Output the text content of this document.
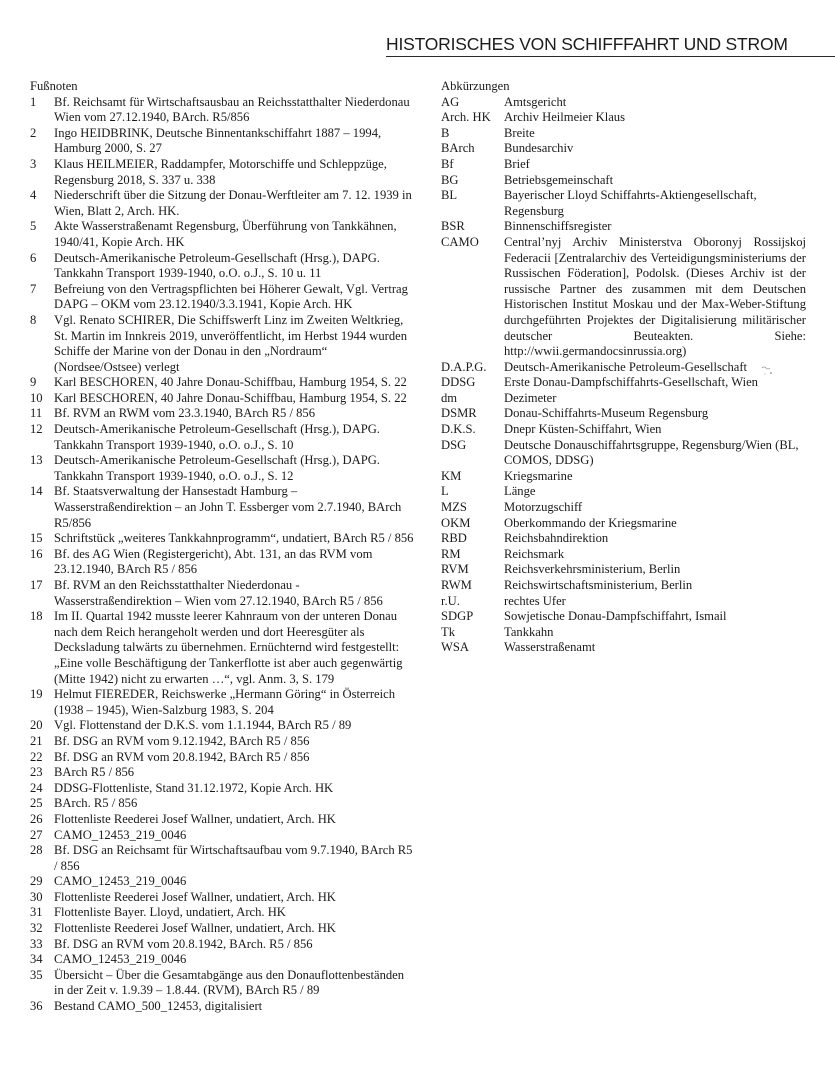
HISTORISCHES VON SCHIFFFAHRT UND STROM
Fußnoten
1	Bf. Reichsamt für Wirtschaftsausbau an Reichsstatthalter Niederdonau Wien vom 27.12.1940, BArch. R5/856
2	Ingo HEIDBRINK, Deutsche Binnentankschiffahrt 1887 – 1994, Hamburg 2000, S. 27
3	Klaus HEILMEIER, Raddampfer, Motorschiffe und Schleppzüge, Regensburg 2018, S. 337 u. 338
4	Niederschrift über die Sitzung der Donau-Werftleiter am 7. 12. 1939 in Wien, Blatt 2, Arch. HK.
5	Akte Wasserstraßenamt Regensburg, Überführung von Tankkähnen, 1940/41, Kopie Arch. HK
6	Deutsch-Amerikanische Petroleum-Gesellschaft (Hrsg.), DAPG. Tankkahn Transport 1939-1940, o.O. o.J., S. 10 u. 11
7	Befreiung von den Vertragspflichten bei Höherer Gewalt, Vgl. Vertrag DAPG – OKM vom 23.12.1940/3.3.1941, Kopie Arch. HK
8	Vgl. Renato SCHIRER, Die Schiffswerft Linz im Zweiten Weltkrieg, St. Martin im Innkreis 2019, unveröffentlicht, im Herbst 1944 wurden Schiffe der Marine von der Donau in den „Nordraum“ (Nordsee/Ostsee) verlegt
9	Karl BESCHOREN, 40 Jahre Donau-Schiffbau, Hamburg 1954, S. 22
10 Karl BESCHOREN, 40 Jahre Donau-Schiffbau, Hamburg 1954, S. 22
11 Bf. RVM an RWM vom 23.3.1940, BArch R5 / 856
12 Deutsch-Amerikanische Petroleum-Gesellschaft (Hrsg.), DAPG. Tankkahn Transport 1939-1940, o.O. o.J., S. 10
13 Deutsch-Amerikanische Petroleum-Gesellschaft (Hrsg.), DAPG. Tankkahn Transport 1939-1940, o.O. o.J., S. 12
14 Bf. Staatsverwaltung der Hansestadt Hamburg – Wasserstraßendirektion – an John T. Essberger vom 2.7.1940, BArch R5/856
15 Schriftstück „weiteres Tankkahnprogramm“, undatiert, BArch R5 / 856
16 Bf. des AG Wien (Registergericht), Abt. 131, an das RVM vom 23.12.1940, BArch R5 / 856
17 Bf. RVM an den Reichsstatthalter Niederdonau - Wasserstraßendirektion – Wien vom 27.12.1940, BArch R5 / 856
18 Im II. Quartal 1942 musste leerer Kahnraum von der unteren Donau nach dem Reich herangeholt werden und dort Heeresgüter als Decksladung talwärts zu übernehmen. Ernüchternd wird festgestellt: „Eine volle Beschäftigung der Tankerflotte ist aber auch gegenwärtig (Mitte 1942) nicht zu erwarten …“, vgl. Anm. 3, S. 179
19 Helmut FIEREDER, Reichswerke „Hermann Göring“ in Österreich (1938 – 1945), Wien-Salzburg 1983, S. 204
20 Vgl. Flottenstand der D.K.S. vom 1.1.1944, BArch R5 / 89
21 Bf. DSG an RVM vom 9.12.1942, BArch R5 / 856
22 Bf. DSG an RVM vom 20.8.1942, BArch R5 / 856
23 BArch R5 / 856
24 DDSG-Flottenliste, Stand 31.12.1972, Kopie Arch. HK
25 BArch. R5 / 856
26 Flottenliste Reederei Josef Wallner, undatiert, Arch. HK
27 CAMO_12453_219_0046
28 Bf. DSG an Reichsamt für Wirtschaftsaufbau vom 9.7.1940, BArch R5 / 856
29 CAMO_12453_219_0046
30 Flottenliste Reederei Josef Wallner, undatiert, Arch. HK
31 Flottenliste Bayer. Lloyd, undatiert, Arch. HK
32 Flottenliste Reederei Josef Wallner, undatiert, Arch. HK
33 Bf. DSG an RVM vom 20.8.1942, BArch. R5 / 856
34 CAMO_12453_219_0046
35 Übersicht – Über die Gesamtabgänge aus den Donauflottenbeständen in der Zeit v. 1.9.39 – 1.8.44. (RVM), BArch R5 / 89
36 Bestand CAMO_500_12453, digitalisiert
Abkürzungen
AG	Amtsgericht
Arch. HK	Archiv Heilmeier Klaus
B	Breite
BArch	Bundesarchiv
Bf	Brief
BG	Betriebsgemeinschaft
BL	Bayerischer Lloyd Schiffahrts-Aktiengesellschaft, Regensburg
BSR	Binnenschiffsregister
CAMO	Central’nyj Archiv Ministerstva Oboronyj Rossijskoj Federacii [Zentralarchiv des Verteidigungsministeriums der Russischen Föderation], Podolsk. (Dieses Archiv ist der russische Partner des zusammen mit dem Deutschen Historischen Institut Moskau und der Max-Weber-Stiftung durchgeführten Projektes der Digitalisierung militärischer deutscher Beuteakten. Siehe: http://wwii.germandocsinrussia.org)
D.A.P.G.	Deutsch-Amerikanische Petroleum-Gesellschaft
DDSG	Erste Donau-Dampfschiffahrts-Gesellschaft, Wien
dm	Dezimeter
DSMR	Donau-Schiffahrts-Museum Regensburg
D.K.S.	Dnepr Küsten-Schiffahrt, Wien
DSG	Deutsche Donauschiffahrtsgruppe, Regensburg/Wien (BL, COMOS, DDSG)
KM	Kriegsmarine
L	Länge
MZS	Motorzugschiff
OKM	Oberkommando der Kriegsmarine
RBD	Reichsbahndirektion
RM	Reichsmark
RVM	Reichsverkehrsministerium, Berlin
RWM	Reichswirtschaftsministerium, Berlin
r.U.	rechtes Ufer
SDGP	Sowjetische Donau-Dampfschiffahrt, Ismail
Tk	Tankkahn
WSA	Wasserstraßenamt
